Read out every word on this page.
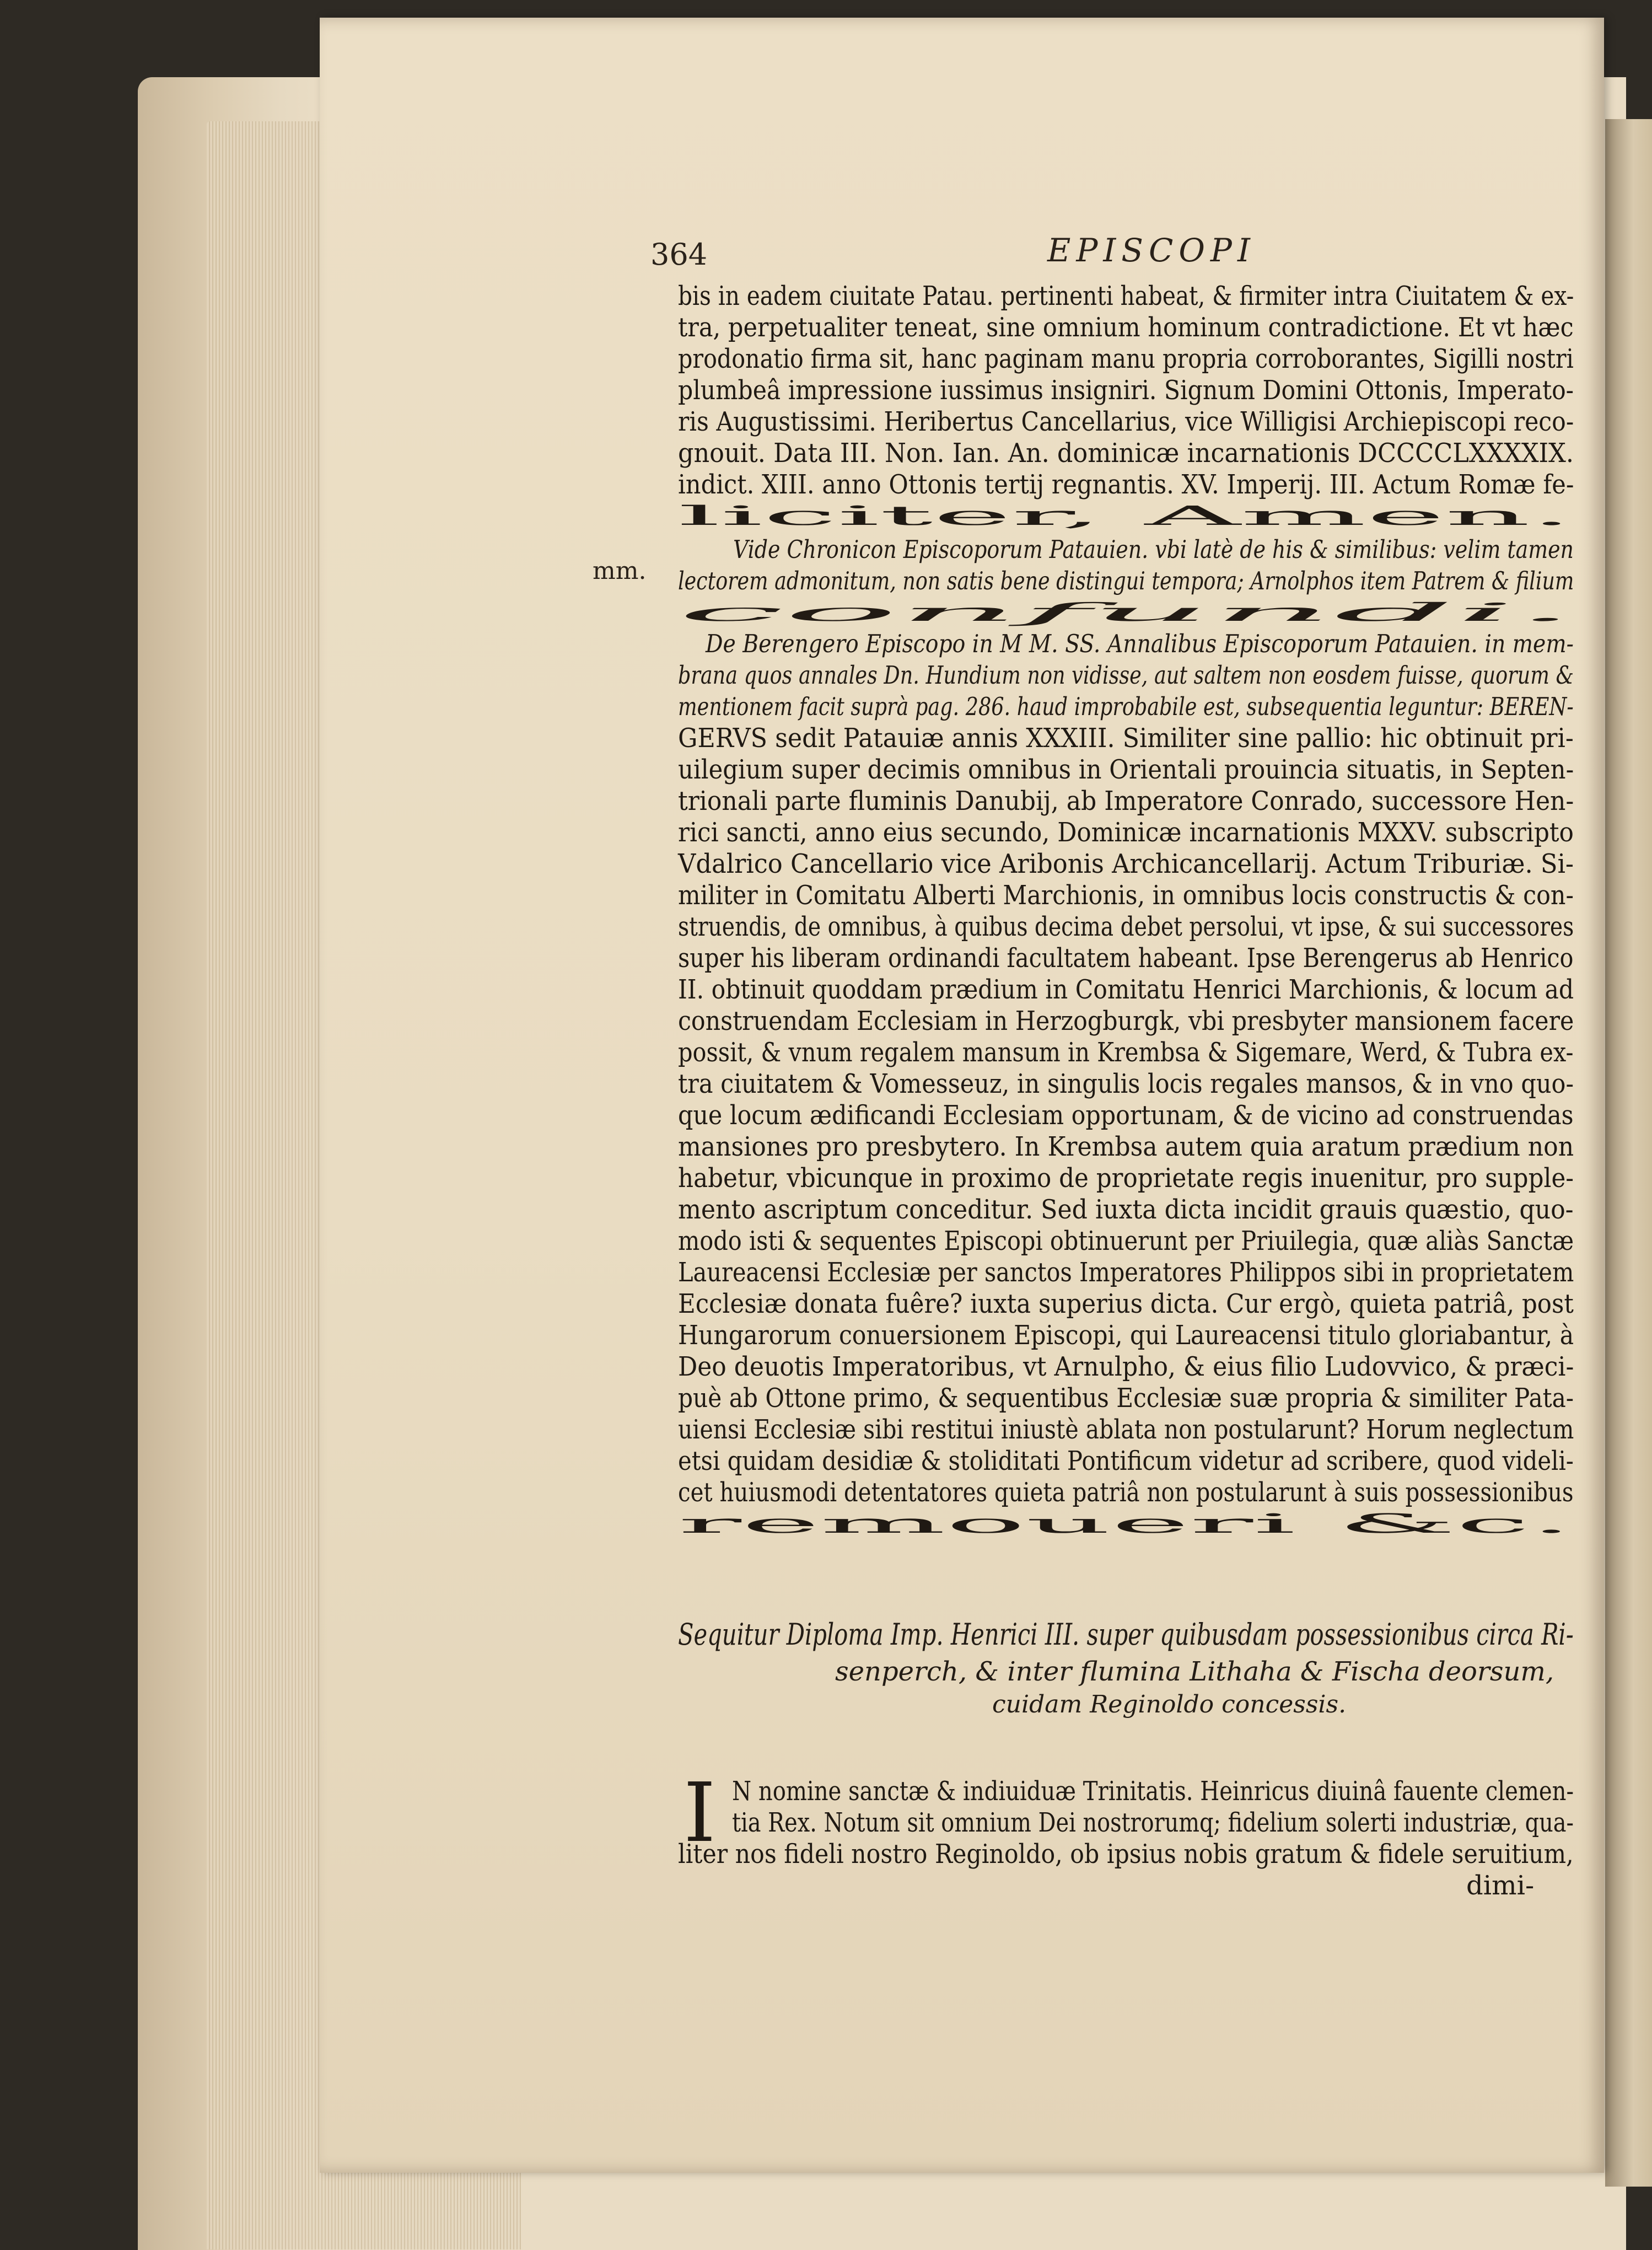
364	EPISCOPI

mm.

bis in eadem ciuitate Patau. pertinenti habeat, & firmiter intra Ciuitatem & ex-

tra, perpetualiter teneat, sine omnium hominum contradictione. Et vt hæc

prodonatio firma sit, hanc paginam manu propria corroborantes, Sigilli nostri

plumbeâ impressione iussimus insigniri. Signum Domini Ottonis, Imperato-

ris Augustissimi. Heribertus Cancellarius, vice Willigisi Archiepiscopi reco-

gnouit. Data III. Non. Ian. An. dominicæ incarnationis DCCCCLXXXXIX.

indict. XIII. anno Ottonis tertij regnantis. XV. Imperij. III. Actum Romæ fe-

liciter, Amen.

Vide Chronicon Episcoporum Patauien. vbi latè de his & similibus: velim tamen

lectorem admonitum, non satis bene distingui tempora; Arnolphos item Patrem & filium

confundi.

De Berengero Episcopo in M M. SS. Annalibus Episcoporum Patauien. in mem-

brana quos annales Dn. Hundium non vidisse, aut saltem non eosdem fuisse, quorum &

mentionem facit suprà pag. 286. haud improbabile est, subsequentia leguntur: BEREN-

GERVS sedit Patauiæ annis XXXIII. Similiter sine pallio: hic obtinuit pri-

uilegium super decimis omnibus in Orientali prouincia situatis, in Septen-

trionali parte fluminis Danubij, ab Imperatore Conrado, successore Hen-

rici sancti, anno eius secundo, Dominicæ incarnationis MXXV. subscripto

Vdalrico Cancellario vice Aribonis Archicancellarij. Actum Triburiæ. Si-

militer in Comitatu Alberti Marchionis, in omnibus locis constructis & con-

struendis, de omnibus, à quibus decima debet persolui, vt ipse, & sui successores

super his liberam ordinandi facultatem habeant. Ipse Berengerus ab Henrico

II. obtinuit quoddam prædium in Comitatu Henrici Marchionis, & locum ad

construendam Ecclesiam in Herzogburgk, vbi presbyter mansionem facere

possit, & vnum regalem mansum in Krembsa & Sigemare, Werd, & Tubra ex-

tra ciuitatem & Vomesseuz, in singulis locis regales mansos, & in vno quo-

que locum ædificandi Ecclesiam opportunam, & de vicino ad construendas

mansiones pro presbytero. In Krembsa autem quia aratum prædium non

habetur, vbicunque in proximo de proprietate regis inuenitur, pro supple-

mento ascriptum conceditur. Sed iuxta dicta incidit grauis quæstio, quo-

modo isti & sequentes Episcopi obtinuerunt per Priuilegia, quæ aliàs Sanctæ

Laureacensi Ecclesiæ per sanctos Imperatores Philippos sibi in proprietatem

Ecclesiæ donata fuêre? iuxta superius dicta. Cur ergò, quieta patriâ, post

Hungarorum conuersionem Episcopi, qui Laureacensi titulo gloriabantur, à

Deo deuotis Imperatoribus, vt Arnulpho, & eius filio Ludovvico, & præci-

puè ab Ottone primo, & sequentibus Ecclesiæ suæ propria & similiter Pata-

uiensi Ecclesiæ sibi restitui iniustè ablata non postularunt? Horum neglectum

etsi quidam desidiæ & stoliditati Pontificum videtur ad scribere, quod videli-

cet huiusmodi detentatores quieta patriâ non postularunt à suis possessionibus

remoueri &c.

Sequitur Diploma Imp. Henrici III. super quibusdam possessionibus circa Ri-

senperch, & inter flumina Lithaha & Fischa deorsum,

cuidam Reginoldo concessis.

I N nomine sanctæ & indiuiduæ Trinitatis. Heinricus diuinâ fauente clemen-

tia Rex. Notum sit omnium Dei nostrorumq; fidelium solerti industriæ, qua-

liter nos fideli nostro Reginoldo, ob ipsius nobis gratum & fidele seruitium,

dimi-
